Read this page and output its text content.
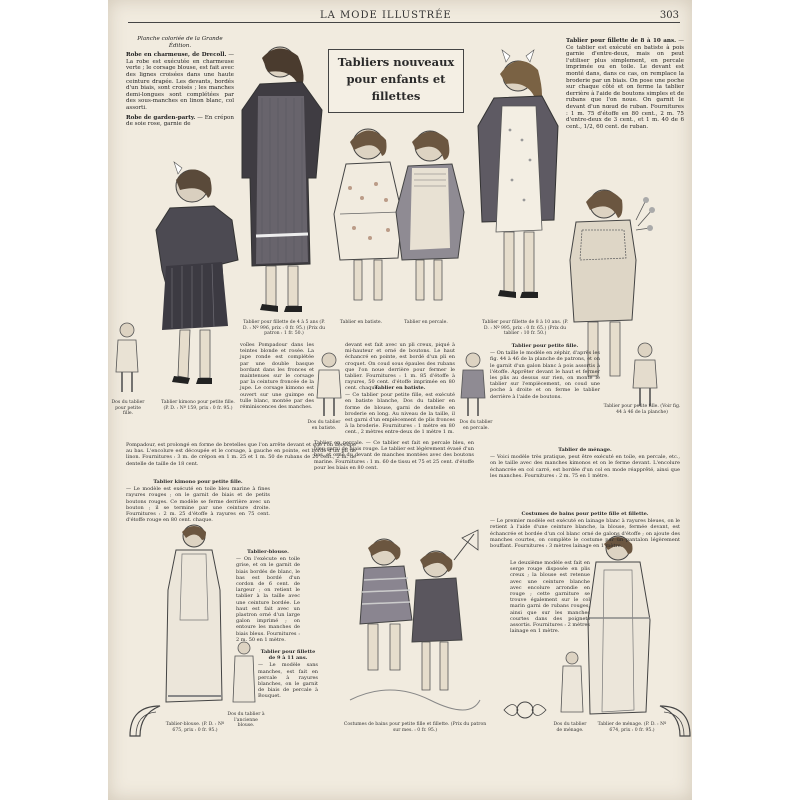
LA MODE ILLUSTRÉE	303
Planche coloriée de la Grande Édition.
Robe en charmeuse, de Drecoll. — La robe est exécutée en charmeuse verte ; le corsage blouse, est fait avec des lignes croisées dans une haute ceinture drapée. Les devants, bordés d'un biais, sont croisés ; les manches demi-longues sont complétées par des sous-manches en linon blanc, col assorti.
Robe de garden-party. — En crépon de soie rose, garnie de
Tablier pour fillette de 8 à 10 ans. — Ce tablier est exécuté en batiste à pois garnie d'entre-deux, mais on peut l'utiliser plus simplement, en percale imprimée ou en toile. Le devant est monté dans, dans ce cas, on remplace la broderie par un biais. On pose une poche sur chaque côté et on ferme la tablier derrière à l'aide de boutons simples et de rubans que l'on noue. On garnit le devant d'un nœud de ruban. Fournitures : 1 m. 75 d'étoffe en 80 cent., 2 m. 75 d'entre-deux de 3 cent., et 1 m. 40 de 6 cent., 1/2, 60 cent. de ruban.
Tabliers nouveaux
pour enfants et
fillettes
Tablier pour fillette de 4 à 5 ans (P. D. : Nº 996, prix : 0 fr. 95.) (Prix du patron : 1 fr. 50.)
Tablier en batiste.	Tablier en percale.	Tablier pour fillette de 8 à 10 ans. (P. D. : Nº 995, prix : 0 fr. 65.) (Prix du tablier : 10 fr. 50.)
Dos du tablier pour petite fille.
Tablier kimono pour petite fille. (P. D. : Nº 159, prix : 0 fr. 95.)
Dos du tablier en batiste.
Dos du tablier en percale.
Tablier pour petite fille. (Voir fig. 44 à 46 de la planche)
Tablier-blouse. (P. D. : Nº 675, prix : 0 fr. 95.)
Dos du tablier à l'ancienne blouse.	Costumes de bains pour petite fille et fillette. (Prix du patron sur mes. : 0 fr. 95.)
Dos du tablier de ménage.
Tablier de ménage. (P. D. : Nº 674, prix : 0 fr. 95.)
voîles Pompadour dans les teintes blonde et rosée. La jupe ronde est complétée par une double basque bordant dans les fronces et maintenues sur le corsage par la ceinture froncée de la jupe. Le corsage kimono est ouvert sur une guimpe en tulle blanc, montée par des réminiscences des manches.
devant est fait avec un pli creux, piqué à mi-hauteur et orné de boutons. Le haut échancré en pointe, est bordé d'un pli en croquet. On coud sous épaules des rubans que l'on noue derrière pour fermer le tablier. Fournitures : 1 m. 85 d'étoffe à rayures, 50 cent. d'étoffe imprimée en 80 cent. chaque.
Tablier en batiste.
— Ce tablier pour petite fille, est exécuté en batiste blanche, Dos du tablier en forme de blouse, garni de dentelle en broderie en long. Au niveau de la taille, il est garni d'un empiècement de plis fronces à la broderie. Fournitures : 1 mètre en 80 cent., 2 mètres entre-deux de 1 mètre 1 m.
Pompadour, est prolongé en forme de bretelles que l'on arrête devant et que l'on découpe au bas. L'encolure est découpée et le corsage, à gauche en pointe, est bordé d'un pli de linon. Fournitures : 3 m. de crépon en 1 m. 25 et 1 m. 50 de rubans de 20 cent., 2 m. de dentelle de taille de 18 cent.
Tablier kimono pour petite fille.
— Le modèle est exécuté en toile bleu marine à fines rayures rouges ; on le garnit de biais et de petits boutons rouges. Ce modèle se ferme derrière avec un bouton ; il se termine par une ceinture droite. Fournitures : 2 m. 25 d'étoffe à rayures en 75 cent. d'étoffe rouge en 80 cent. chaque.
Tablier en percale. — Ce tablier est fait en percale bleu, en bleu garni de biais rouge. Le tablier est légèrement évasé d'un bas, et orné du devant de manches montées avec des boutons marine. Fournitures : 1 m. 60 de tissu et 75 et 25 cent. d'étoffe pour les biais en 80 cent.
Tablier pour petite fille.
— On taille le modèle en zéphir, d'après les fig. 44 à 46 de la planche de patrons, et on le garnit d'un galon blanc à pois assortis à l'étoffe. Apprêter devant le haut et fermer les plis au dessus sur rien, on monte le tablier sur l'empiècement, on coud une poche à droite et on ferme le tablier derrière à l'aide de boutons.
Tablier de ménage.
— Voici modèle très pratique, peut être exécuté en toile, en percale, etc., on le taille avec des manches kimonos et on le ferme devant. L'encolure échancrée en col carré, est bordée d'un col en mode réapprêté, ainsi que les manches. Fournitures : 2 m. 75 en 1 mètre.
Costumes de bains pour petite fille et fillette.
— Le premier modèle est exécuté en lainage blanc à rayures bleues, on le retient à l'aide d'une ceinture blanche, la blouse, fermée devant, est échancrée et bordée d'un col blanc orné de galons d'étoffe ; on ajoute des manches courtes, on complète le costume par un pantalon légèrement bouffant. Fournitures : 3 mètres lainage en 1 mètre.
Le deuxième modèle est fait en serge rouge disposée en plis creux ; la blouse est retenue avec une ceinture blanche avec encolure arrondie en rouge ; cette garniture se trouve également sur le col marin garni de rubans rouges, ainsi que sur les manches courtes dans des poignets assortis. Fournitures : 2 mètres lainage en 1 mètre.
Tablier-blouse.
— On l'exécute en toile grise, et on le garnit de biais bordés de blanc, le bas est bordé d'un cordon de 6 cent. de largeur ; on retient le tablier à la taille avec une ceinture bordée. Le haut est fait avec un plastron orné d'un large galon imprimé ; on entoure les manches de biais bleus. Fournitures : 2 m. 50 en 1 mètre.
Tablier pour fillette de 9 à 11 ans.
— Le modèle sans manches, est fait en percale à rayures blanches, on le garnit de biais de percale à Bouquet.
